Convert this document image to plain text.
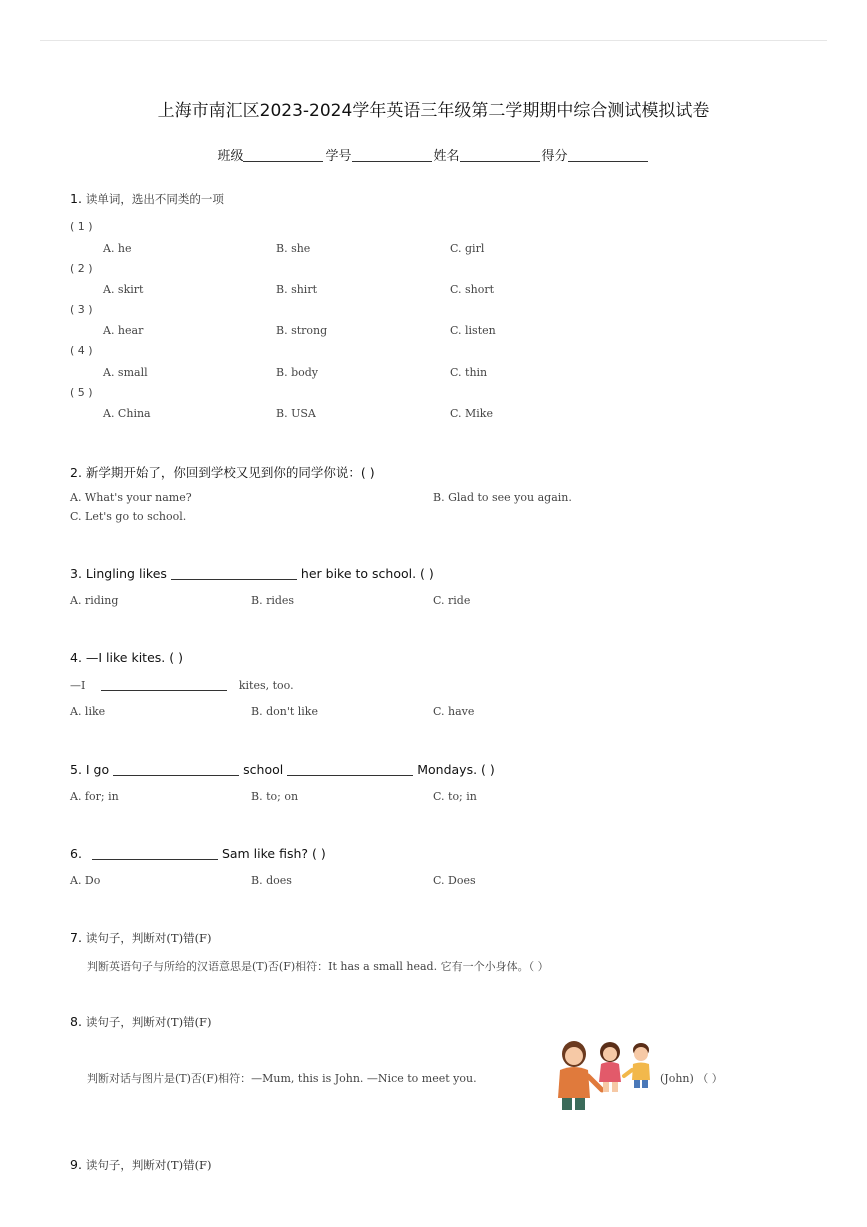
上海市南汇区2023-2024学年英语三年级第二学期期中综合测试模拟试卷
班级	学号	姓名	得分
1. 读单词，选出不同类的一项
( 1 )
A. he	B. she	C. girl
( 2 )
A. skirt	B. shirt	C. short
( 3 )
A. hear	B. strong	C. listen
( 4 )
A. small	B. body	C. thin
( 5 )
A. China	B. USA	C. Mike
2. 新学期开始了，你回到学校又见到你的同学你说：( )
A. What's your name?	B. Glad to see you again.
C. Let's go to school.
3. Lingling likes	her bike to school. ( )
A. riding	B. rides	C. ride
4. —I like kites. ( )
—I	kites, too.
A. like	B. don't like	C. have
5. I go	school	Mondays. ( )
A. for; in	B. to; on	C. to; in
6.	Sam like fish? ( )
A. Do	B. does	C. Does
7. 读句子，判断对(T)错(F)
判断英语句子与所给的汉语意思是(T)否(F)相符：It has a small head. 它有一个小身体。（ ）
8. 读句子，判断对(T)错(F)
判断对话与图片是(T)否(F)相符：—Mum, this is John. —Nice to meet you.	(John) （ ）
9. 读句子，判断对(T)错(F)
